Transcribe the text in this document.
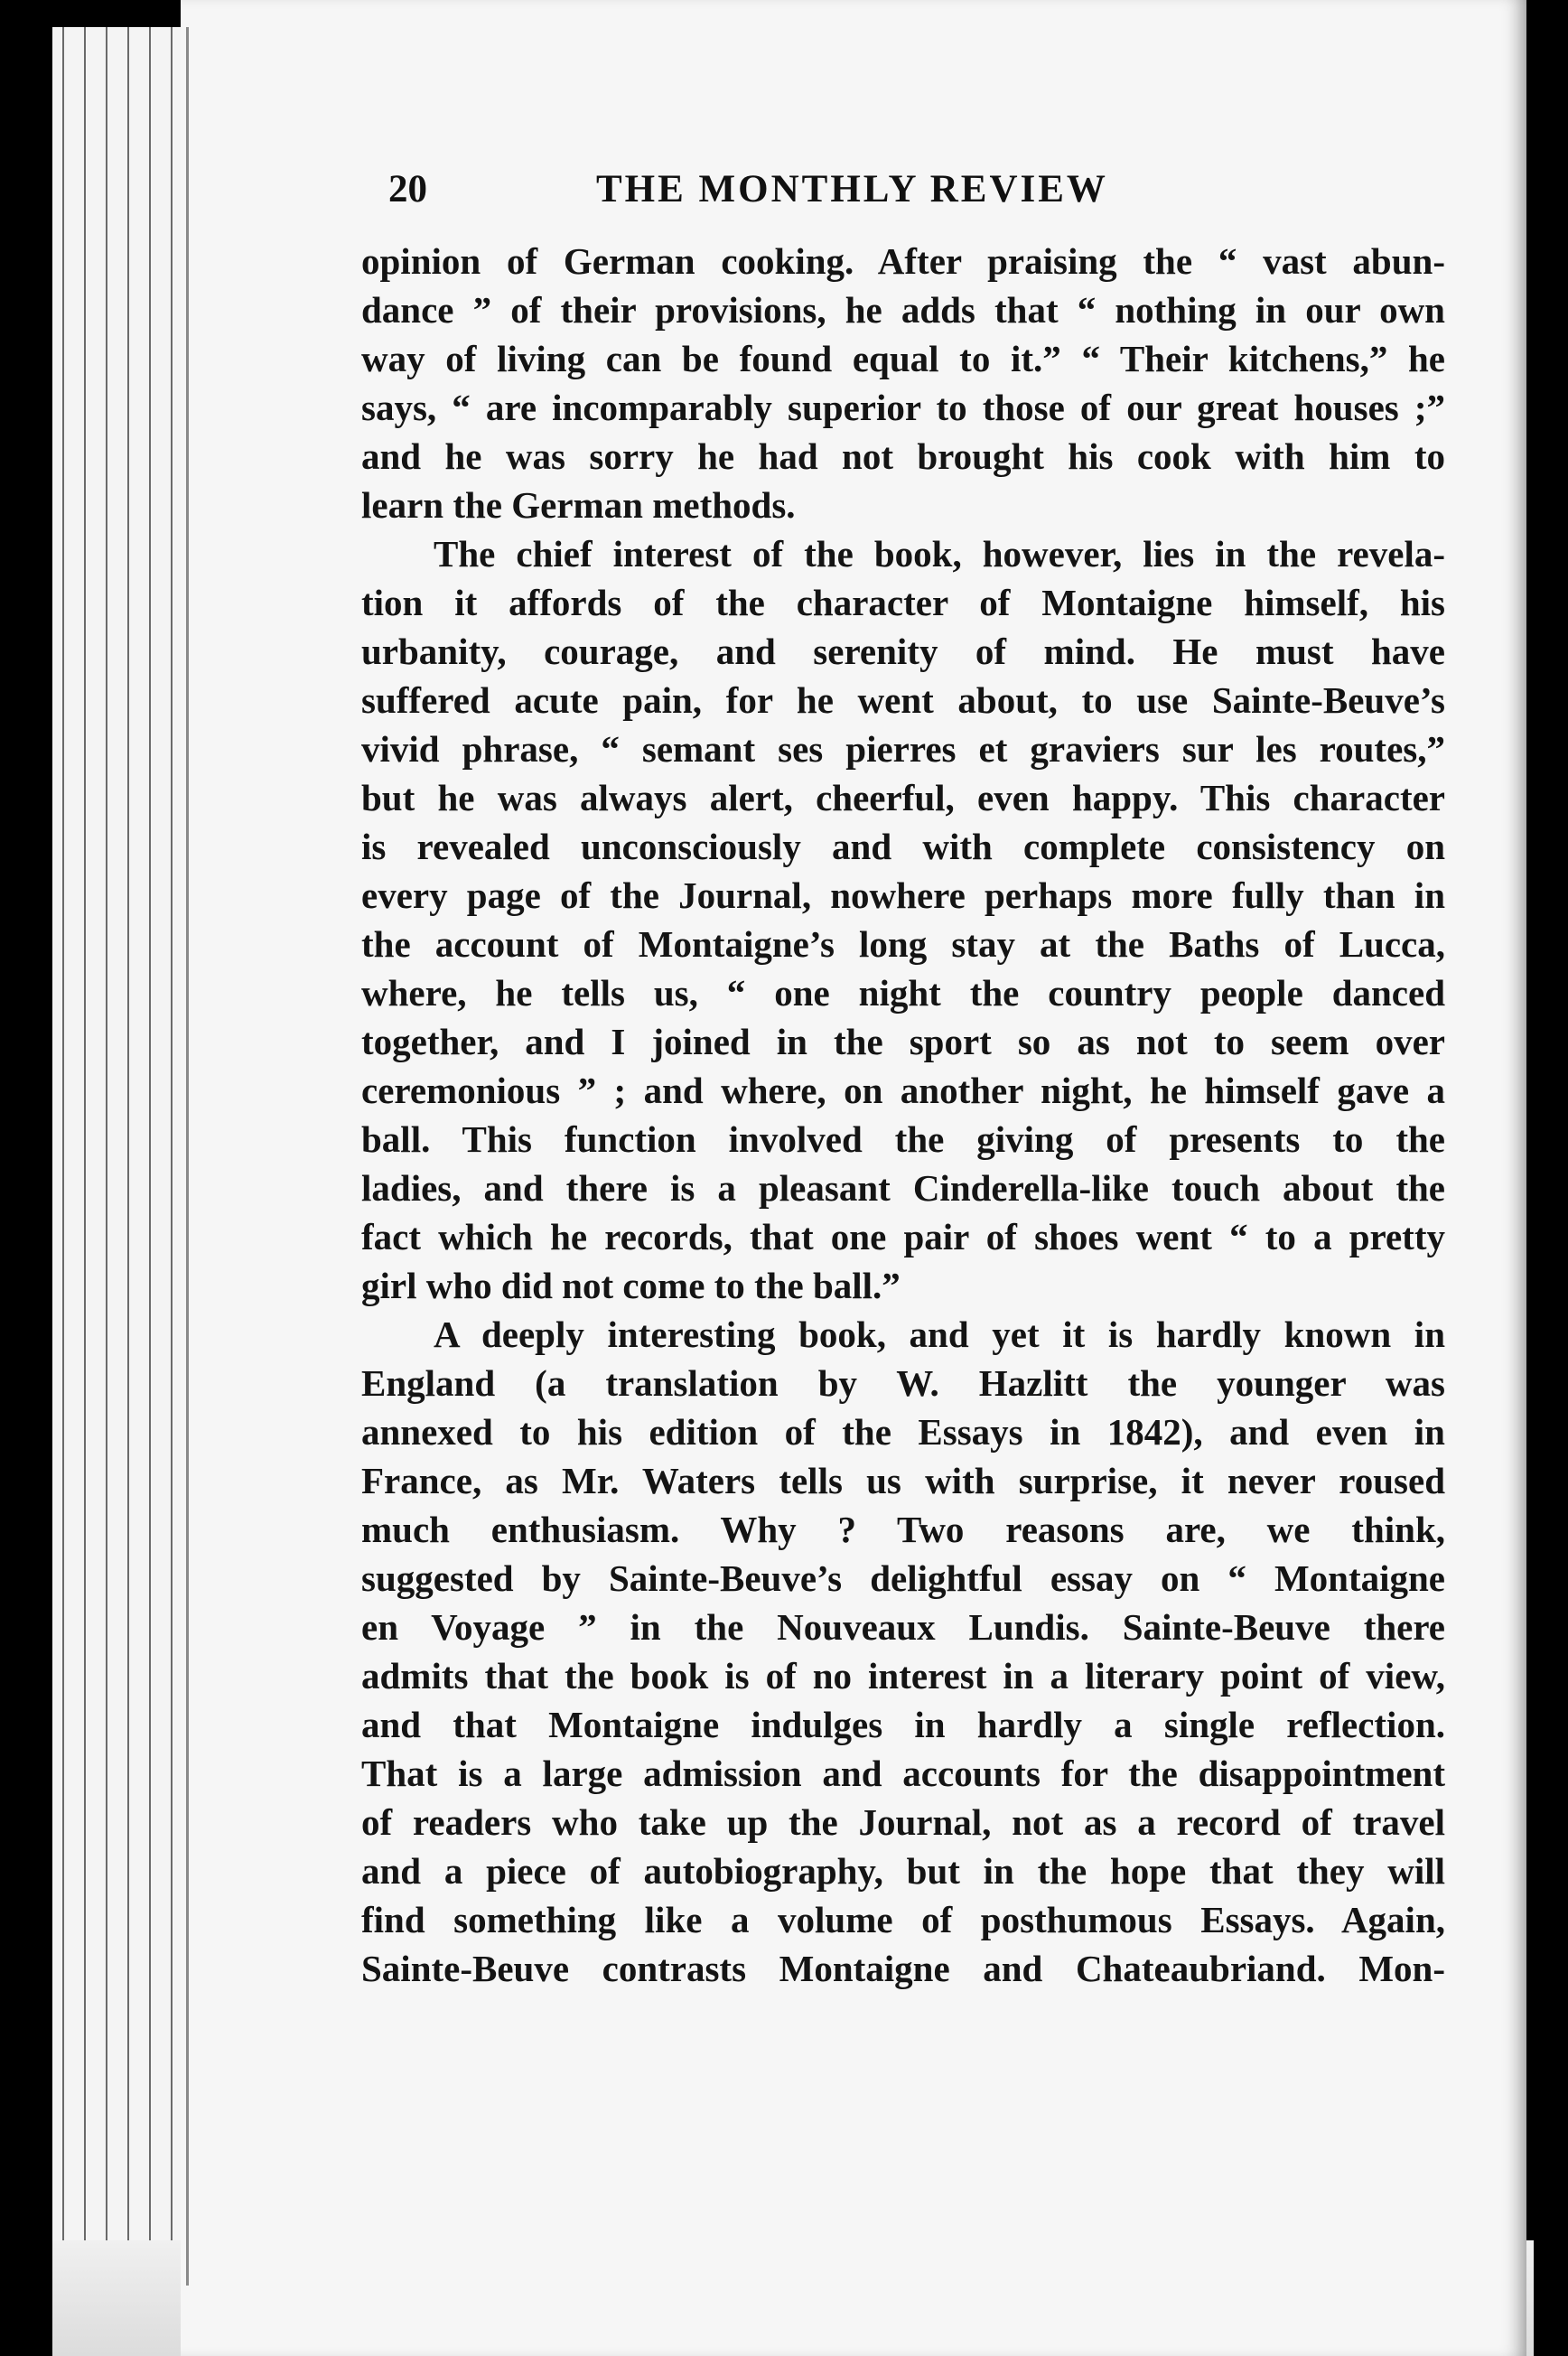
20	THE MONTHLY REVIEW
opinion of German cooking. After praising the “ vast abun-
dance ” of their provisions, he adds that “ nothing in our own
way of living can be found equal to it.” “ Their kitchens,” he
says, “ are incomparably superior to those of our great houses ;”
and he was sorry he had not brought his cook with him to
learn the German methods.
The chief interest of the book, however, lies in the revela-
tion it affords of the character of Montaigne himself, his
urbanity, courage, and serenity of mind. He must have
suffered acute pain, for he went about, to use Sainte-Beuve’s
vivid phrase, “ semant ses pierres et graviers sur les routes,”
but he was always alert, cheerful, even happy. This character
is revealed unconsciously and with complete consistency on
every page of the Journal, nowhere perhaps more fully than in
the account of Montaigne’s long stay at the Baths of Lucca,
where, he tells us, “ one night the country people danced
together, and I joined in the sport so as not to seem over
ceremonious ” ; and where, on another night, he himself gave a
ball. This function involved the giving of presents to the
ladies, and there is a pleasant Cinderella-like touch about the
fact which he records, that one pair of shoes went “ to a pretty
girl who did not come to the ball.”
A deeply interesting book, and yet it is hardly known in
England (a translation by W. Hazlitt the younger was
annexed to his edition of the Essays in 1842), and even in
France, as Mr. Waters tells us with surprise, it never roused
much enthusiasm. Why ? Two reasons are, we think,
suggested by Sainte-Beuve’s delightful essay on “ Montaigne
en Voyage ” in the Nouveaux Lundis. Sainte-Beuve there
admits that the book is of no interest in a literary point of view,
and that Montaigne indulges in hardly a single reflection.
That is a large admission and accounts for the disappointment
of readers who take up the Journal, not as a record of travel
and a piece of autobiography, but in the hope that they will
find something like a volume of posthumous Essays. Again,
Sainte-Beuve contrasts Montaigne and Chateaubriand. Mon-
